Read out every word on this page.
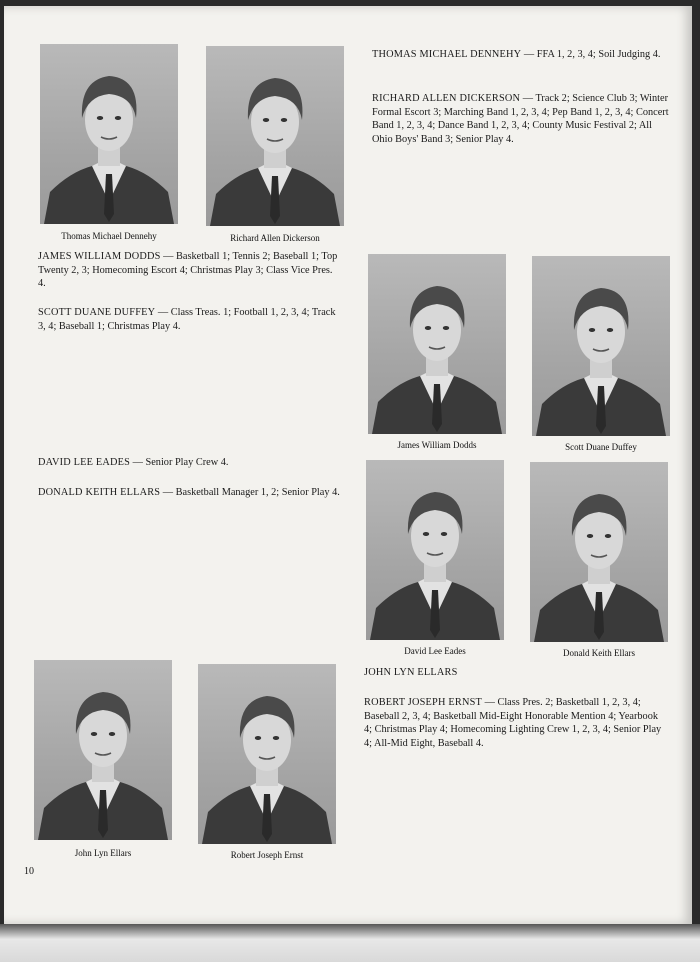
Thomas Michael Dennehy	Richard Allen Dickerson
James William Dodds	Scott Duane Duffey
David Lee Eades	Donald Keith Ellars
John Lyn Ellars	Robert Joseph Ernst

THOMAS MICHAEL DENNEHY — FFA 1, 2, 3, 4; Soil Judging 4.

RICHARD ALLEN DICKERSON — Track 2; Science Club 3; Winter Formal Escort 3; Marching Band 1, 2, 3, 4; Pep Band 1, 2, 3, 4; Concert Band 1, 2, 3, 4; Dance Band 1, 2, 3, 4; County Music Festival 2; All Ohio Boys' Band 3; Senior Play 4.

JAMES WILLIAM DODDS — Basketball 1; Tennis 2; Baseball 1; Top Twenty 2, 3; Homecoming Escort 4; Christmas Play 3; Class Vice Pres. 4.

SCOTT DUANE DUFFEY — Class Treas. 1; Football 1, 2, 3, 4; Track 3, 4; Baseball 1; Christmas Play 4.

DAVID LEE EADES — Senior Play Crew 4.

DONALD KEITH ELLARS — Basketball Manager 1, 2; Senior Play 4.

JOHN LYN ELLARS

ROBERT JOSEPH ERNST — Class Pres. 2; Basketball 1, 2, 3, 4; Baseball 2, 3, 4; Basketball Mid-Eight Honorable Mention 4; Yearbook 4; Christmas Play 4; Homecoming Lighting Crew 1, 2, 3, 4; Senior Play 4; All-Mid Eight, Baseball 4.

10
